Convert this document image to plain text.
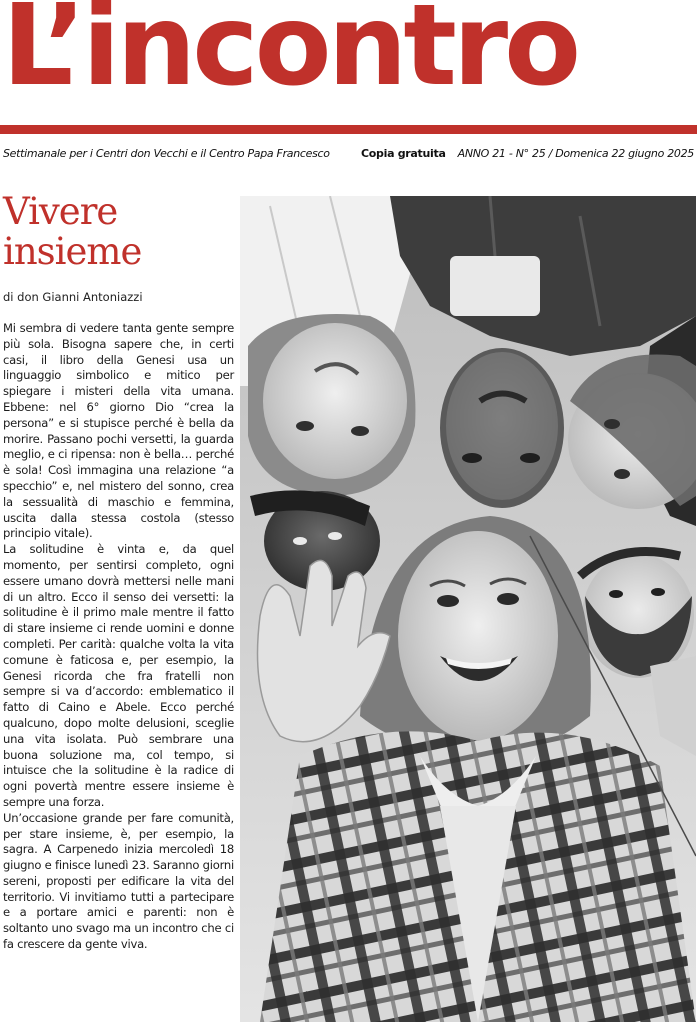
L’incontro
Settimanale per i Centri don Vecchi e il Centro Papa Francesco	Copia gratuita ANNO 21 - N° 25 / Domenica 22 giugno 2025
Vivere insieme
di don Gianni Antoniazzi

Mi sembra di vedere tanta gente sempre più sola. Bisogna sapere che, in certi casi, il libro della Genesi usa un linguaggio simbolico e mitico per spiegare i misteri della vita umana. Ebbene: nel 6° giorno Dio “crea la persona” e si stupisce perché è bella da morire. Passano pochi versetti, la guarda meglio, e ci ripensa: non è bella… perché è sola! Così immagina una relazione “a specchio” e, nel mistero del sonno, crea la sessualità di maschio e femmina, uscita dalla stessa costola (stesso principio vitale).

La solitudine è vinta e, da quel momento, per sentirsi completo, ogni essere umano dovrà mettersi nelle mani di un altro. Ecco il senso dei versetti: la solitudine è il primo male mentre il fatto di stare insieme ci rende uomini e donne completi. Per carità: qualche volta la vita comune è faticosa e, per esempio, la Genesi ricorda che fra fratelli non sempre si va d’accordo: emblematico il fatto di Caino e Abele. Ecco perché qualcuno, dopo molte delusioni, sceglie una vita isolata. Può sembrare una buona soluzione ma, col tempo, si intuisce che la solitudine è la radice di ogni povertà mentre essere insieme è sempre una forza.

Un’occasione grande per fare comunità, per stare insieme, è, per esempio, la sagra. A Carpenedo inizia mercoledì 18 giugno e finisce lunedì 23. Saranno giorni sereni, proposti per edificare la vita del territorio. Vi invitiamo tutti a partecipare e a portare amici e parenti: non è soltanto uno svago ma un incontro che ci fa crescere da gente viva.
